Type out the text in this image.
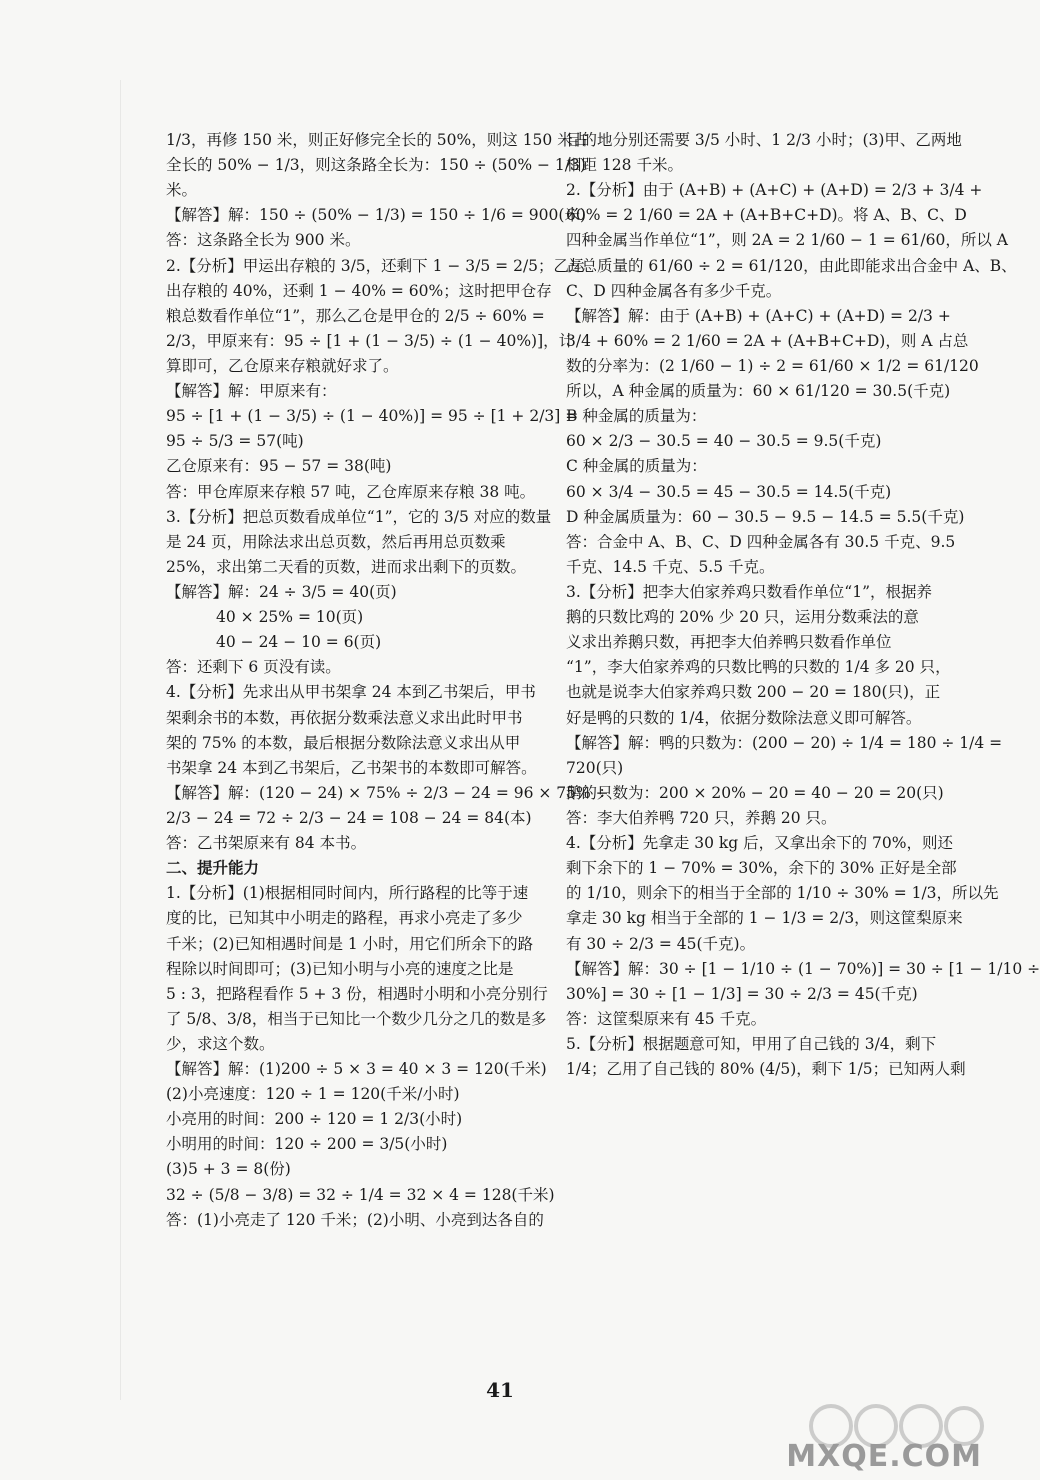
1/3，再修 150 米，则正好修完全长的 50%，则这 150 米占
全长的 50% − 1/3，则这条路全长为：150 ÷ (50% − 1/3)
米。
【解答】解：150 ÷ (50% − 1/3) = 150 ÷ 1/6 = 900(米)
答：这条路全长为 900 米。
2.【分析】甲运出存粮的 3/5，还剩下 1 − 3/5 = 2/5；乙运
出存粮的 40%，还剩 1 − 40% = 60%；这时把甲仓存
粮总数看作单位“1”，那么乙仓是甲仓的 2/5 ÷ 60% =
2/3，甲原来有：95 ÷ [1 + (1 − 3/5) ÷ (1 − 40%)]，计
算即可，乙仓原来存粮就好求了。
【解答】解：甲原来有：
95 ÷ [1 + (1 − 3/5) ÷ (1 − 40%)] = 95 ÷ [1 + 2/3] =
95 ÷ 5/3 = 57(吨)
乙仓原来有：95 − 57 = 38(吨)
答：甲仓库原来存粮 57 吨，乙仓库原来存粮 38 吨。
3.【分析】把总页数看成单位“1”，它的 3/5 对应的数量
是 24 页，用除法求出总页数，然后再用总页数乘
25%，求出第二天看的页数，进而求出剩下的页数。
【解答】解：24 ÷ 3/5 = 40(页)
40 × 25% = 10(页)
40 − 24 − 10 = 6(页)
答：还剩下 6 页没有读。
4.【分析】先求出从甲书架拿 24 本到乙书架后，甲书
架剩余书的本数，再依据分数乘法意义求出此时甲书
架的 75% 的本数，最后根据分数除法意义求出从甲
书架拿 24 本到乙书架后，乙书架书的本数即可解答。
【解答】解：(120 − 24) × 75% ÷ 2/3 − 24 = 96 × 75% ÷
2/3 − 24 = 72 ÷ 2/3 − 24 = 108 − 24 = 84(本)
答：乙书架原来有 84 本书。
二、提升能力
1.【分析】(1)根据相同时间内，所行路程的比等于速
度的比，已知其中小明走的路程，再求小亮走了多少
千米；(2)已知相遇时间是 1 小时，用它们所余下的路
程除以时间即可；(3)已知小明与小亮的速度之比是
5 : 3，把路程看作 5 + 3 份，相遇时小明和小亮分别行
了 5/8、3/8，相当于已知比一个数少几分之几的数是多
少，求这个数。
【解答】解：(1)200 ÷ 5 × 3 = 40 × 3 = 120(千米)
(2)小亮速度：120 ÷ 1 = 120(千米/小时)
小亮用的时间：200 ÷ 120 = 1 2/3(小时)
小明用的时间：120 ÷ 200 = 3/5(小时)
(3)5 + 3 = 8(份)
32 ÷ (5/8 − 3/8) = 32 ÷ 1/4 = 32 × 4 = 128(千米)
答：(1)小亮走了 120 千米；(2)小明、小亮到达各自的
目的地分别还需要 3/5 小时、1 2/3 小时；(3)甲、乙两地
相距 128 千米。
2.【分析】由于 (A+B) + (A+C) + (A+D) = 2/3 + 3/4 +
60% = 2 1/60 = 2A + (A+B+C+D)。将 A、B、C、D
四种金属当作单位“1”，则 2A = 2 1/60 − 1 = 61/60，所以 A
占总质量的 61/60 ÷ 2 = 61/120，由此即能求出合金中 A、B、
C、D 四种金属各有多少千克。
【解答】解：由于 (A+B) + (A+C) + (A+D) = 2/3 +
3/4 + 60% = 2 1/60 = 2A + (A+B+C+D)，则 A 占总
数的分率为：(2 1/60 − 1) ÷ 2 = 61/60 × 1/2 = 61/120
所以，A 种金属的质量为：60 × 61/120 = 30.5(千克)
B 种金属的质量为：
60 × 2/3 − 30.5 = 40 − 30.5 = 9.5(千克)
C 种金属的质量为：
60 × 3/4 − 30.5 = 45 − 30.5 = 14.5(千克)
D 种金属质量为：60 − 30.5 − 9.5 − 14.5 = 5.5(千克)
答：合金中 A、B、C、D 四种金属各有 30.5 千克、9.5
千克、14.5 千克、5.5 千克。
3.【分析】把李大伯家养鸡只数看作单位“1”，根据养
鹅的只数比鸡的 20% 少 20 只，运用分数乘法的意
义求出养鹅只数，再把李大伯养鸭只数看作单位
“1”，李大伯家养鸡的只数比鸭的只数的 1/4 多 20 只，
也就是说李大伯家养鸡只数 200 − 20 = 180(只)，正
好是鸭的只数的 1/4，依据分数除法意义即可解答。
【解答】解：鸭的只数为：(200 − 20) ÷ 1/4 = 180 ÷ 1/4 =
720(只)
鹅的只数为：200 × 20% − 20 = 40 − 20 = 20(只)
答：李大伯养鸭 720 只，养鹅 20 只。
4.【分析】先拿走 30 kg 后，又拿出余下的 70%，则还
剩下余下的 1 − 70% = 30%，余下的 30% 正好是全部
的 1/10，则余下的相当于全部的 1/10 ÷ 30% = 1/3，所以先
拿走 30 kg 相当于全部的 1 − 1/3 = 2/3，则这筐梨原来
有 30 ÷ 2/3 = 45(千克)。
【解答】解：30 ÷ [1 − 1/10 ÷ (1 − 70%)] = 30 ÷ [1 − 1/10 ÷
30%] = 30 ÷ [1 − 1/3] = 30 ÷ 2/3 = 45(千克)
答：这筐梨原来有 45 千克。
5.【分析】根据题意可知，甲用了自己钱的 3/4，剩下
1/4；乙用了自己钱的 80% (4/5)，剩下 1/5；已知两人剩
41
MXQE.COM
